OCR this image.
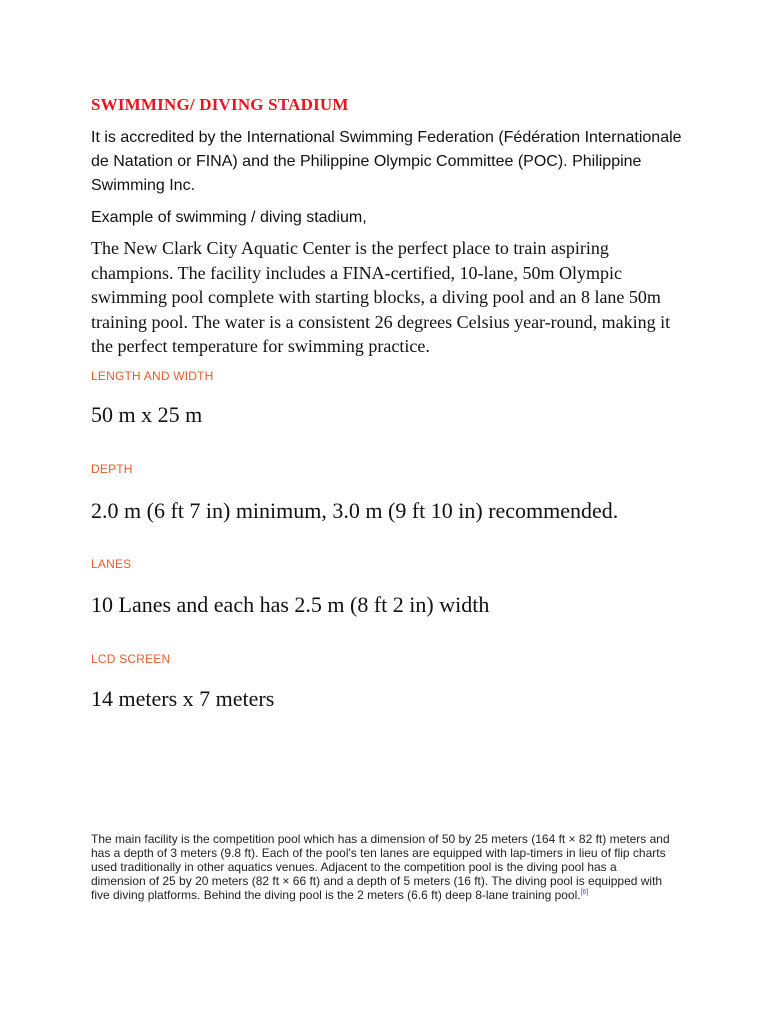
SWIMMING/ DIVING STADIUM

It is accredited by the International Swimming Federation (Fédération Internationale de Natation or FINA) and the Philippine Olympic Committee (POC). Philippine Swimming Inc.

Example of swimming / diving stadium,

The New Clark City Aquatic Center is the perfect place to train aspiring champions. The facility includes a FINA-certified, 10-lane, 50m Olympic swimming pool complete with starting blocks, a diving pool and an 8 lane 50m training pool. The water is a consistent 26 degrees Celsius year-round, making it the perfect temperature for swimming practice.

LENGTH AND WIDTH

50 m x 25 m

DEPTH

2.0 m (6 ft 7 in) minimum, 3.0 m (9 ft 10 in) recommended.

LANES

10 Lanes and each has 2.5 m (8 ft 2 in) width

LCD SCREEN

14 meters x 7 meters

The main facility is the competition pool which has a dimension of 50 by 25 meters (164 ft × 82 ft) meters and has a depth of 3 meters (9.8 ft). Each of the pool's ten lanes are equipped with lap-timers in lieu of flip charts used traditionally in other aquatics venues. Adjacent to the competition pool is the diving pool has a dimension of 25 by 20 meters (82 ft × 66 ft) and a depth of 5 meters (16 ft). The diving pool is equipped with five diving platforms. Behind the diving pool is the 2 meters (6.6 ft) deep 8-lane training pool.[6]
